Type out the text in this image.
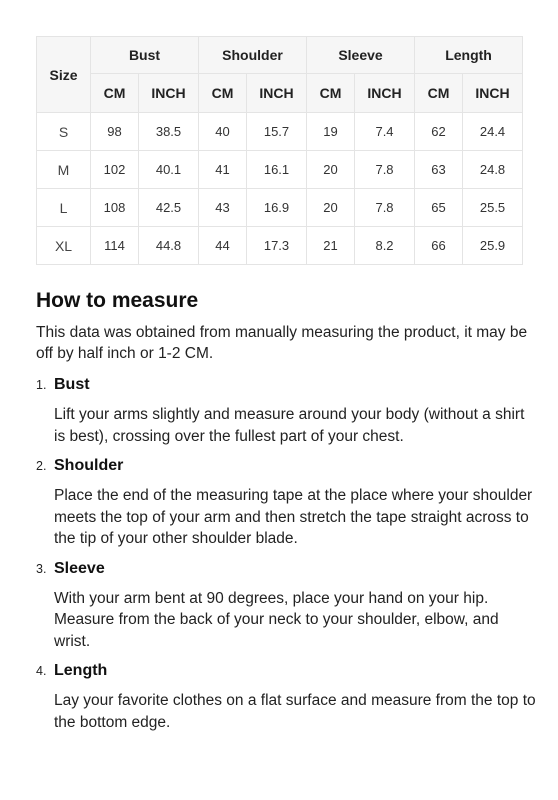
Size	Bust		Shoulder		Sleeve		Length	
	CM	INCH	CM	INCH	CM	INCH	CM	INCH
S	98	38.5	40	15.7	19	7.4	62	24.4
M	102	40.1	41	16.1	20	7.8	63	24.8
L	108	42.5	43	16.9	20	7.8	65	25.5
XL	114	44.8	44	17.3	21	8.2	66	25.9
How to measure

This data was obtained from manually measuring the product, it may be off by half inch or 1-2 CM.

1. Bust

Lift your arms slightly and measure around your body (without a shirt is best), crossing over the fullest part of your chest.

2. Shoulder

Place the end of the measuring tape at the place where your shoulder meets the top of your arm and then stretch the tape straight across to the tip of your other shoulder blade.

3. Sleeve

With your arm bent at 90 degrees, place your hand on your hip. Measure from the back of your neck to your shoulder, elbow, and wrist.

4. Length

Lay your favorite clothes on a flat surface and measure from the top to the bottom edge.
